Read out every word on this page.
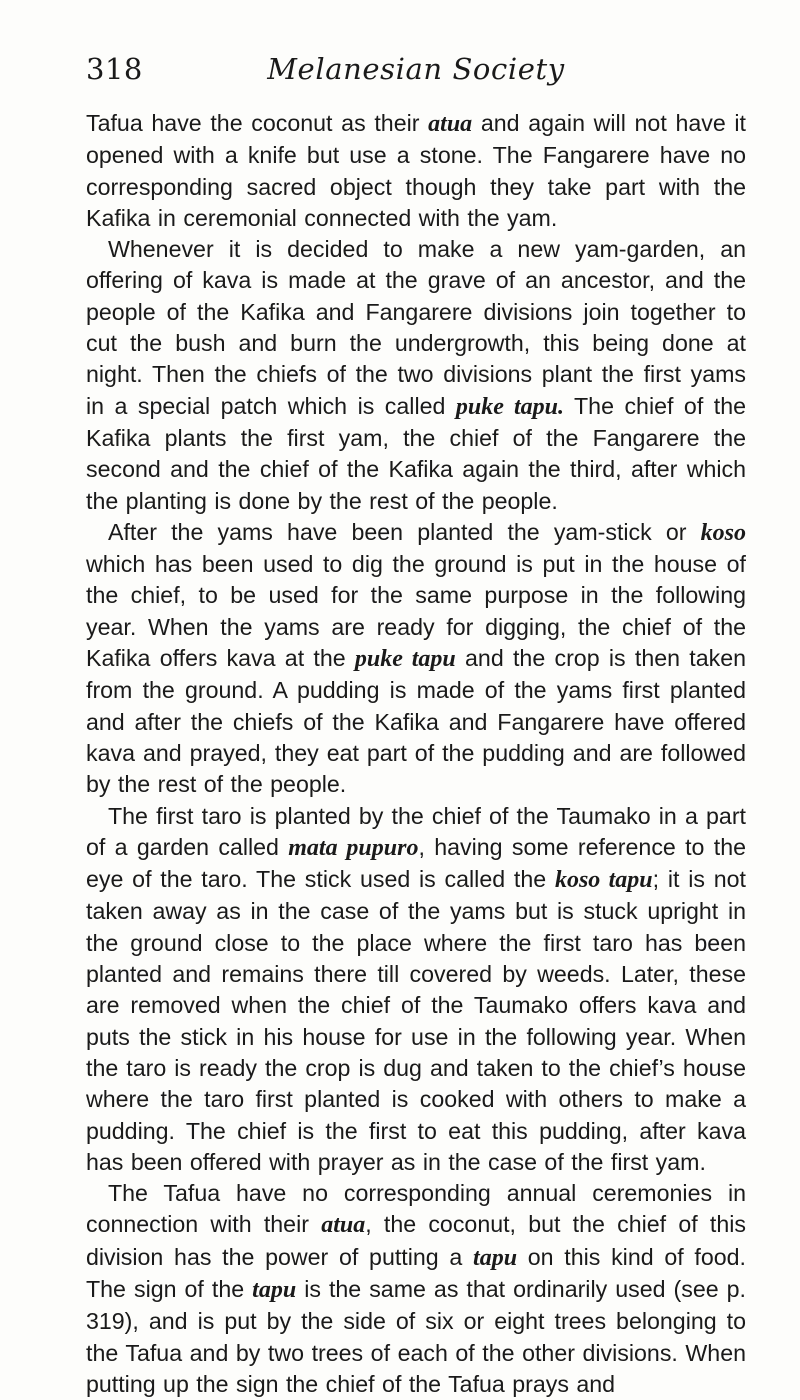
318	Melanesian Society

Tafua have the coconut as their atua and again will not have it opened with a knife but use a stone. The Fangarere have no corresponding sacred object though they take part with the Kafika in ceremonial connected with the yam.

Whenever it is decided to make a new yam-garden, an offering of kava is made at the grave of an ancestor, and the people of the Kafika and Fangarere divisions join together to cut the bush and burn the undergrowth, this being done at night. Then the chiefs of the two divisions plant the first yams in a special patch which is called puke tapu. The chief of the Kafika plants the first yam, the chief of the Fangarere the second and the chief of the Kafika again the third, after which the planting is done by the rest of the people.

After the yams have been planted the yam-stick or koso which has been used to dig the ground is put in the house of the chief, to be used for the same purpose in the following year. When the yams are ready for digging, the chief of the Kafika offers kava at the puke tapu and the crop is then taken from the ground. A pudding is made of the yams first planted and after the chiefs of the Kafika and Fangarere have offered kava and prayed, they eat part of the pudding and are followed by the rest of the people.

The first taro is planted by the chief of the Taumako in a part of a garden called mata pupuro, having some reference to the eye of the taro. The stick used is called the koso tapu; it is not taken away as in the case of the yams but is stuck upright in the ground close to the place where the first taro has been planted and remains there till covered by weeds. Later, these are removed when the chief of the Taumako offers kava and puts the stick in his house for use in the following year. When the taro is ready the crop is dug and taken to the chief’s house where the taro first planted is cooked with others to make a pudding. The chief is the first to eat this pudding, after kava has been offered with prayer as in the case of the first yam.

The Tafua have no corresponding annual ceremonies in connection with their atua, the coconut, but the chief of this division has the power of putting a tapu on this kind of food. The sign of the tapu is the same as that ordinarily used (see p. 319), and is put by the side of six or eight trees belonging to the Tafua and by two trees of each of the other divisions. When putting up the sign the chief of the Tafua prays and
